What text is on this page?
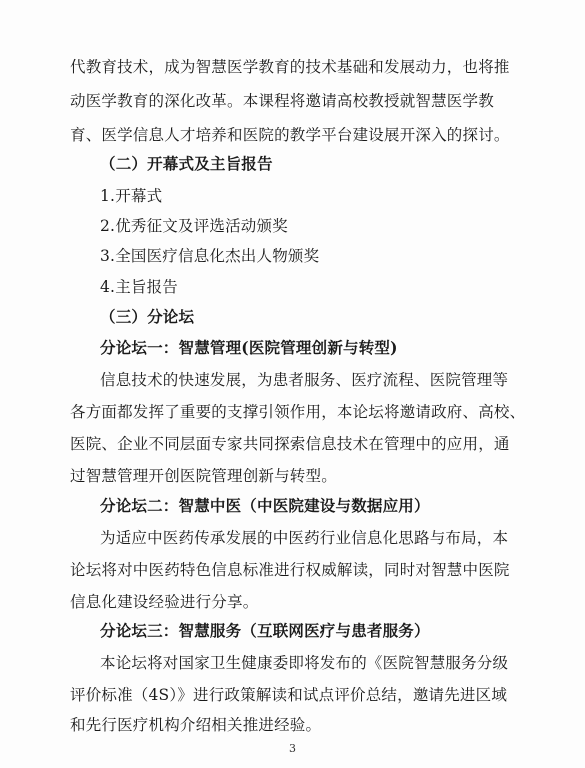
代教育技术，成为智慧医学教育的技术基础和发展动力，也将推
动医学教育的深化改革。本课程将邀请高校教授就智慧医学教
育、医学信息人才培养和医院的教学平台建设展开深入的探讨。
（二）开幕式及主旨报告
1.开幕式
2.优秀征文及评选活动颁奖
3.全国医疗信息化杰出人物颁奖
4.主旨报告
（三）分论坛
分论坛一：智慧管理(医院管理创新与转型)
信息技术的快速发展，为患者服务、医疗流程、医院管理等
各方面都发挥了重要的支撑引领作用，本论坛将邀请政府、高校、
医院、企业不同层面专家共同探索信息技术在管理中的应用，通
过智慧管理开创医院管理创新与转型。
分论坛二：智慧中医（中医院建设与数据应用）
为适应中医药传承发展的中医药行业信息化思路与布局，本
论坛将对中医药特色信息标准进行权威解读，同时对智慧中医院
信息化建设经验进行分享。
分论坛三：智慧服务（互联网医疗与患者服务）
本论坛将对国家卫生健康委即将发布的《医院智慧服务分级
评价标准（4S）》进行政策解读和试点评价总结，邀请先进区域
和先行医疗机构介绍相关推进经验。
3
